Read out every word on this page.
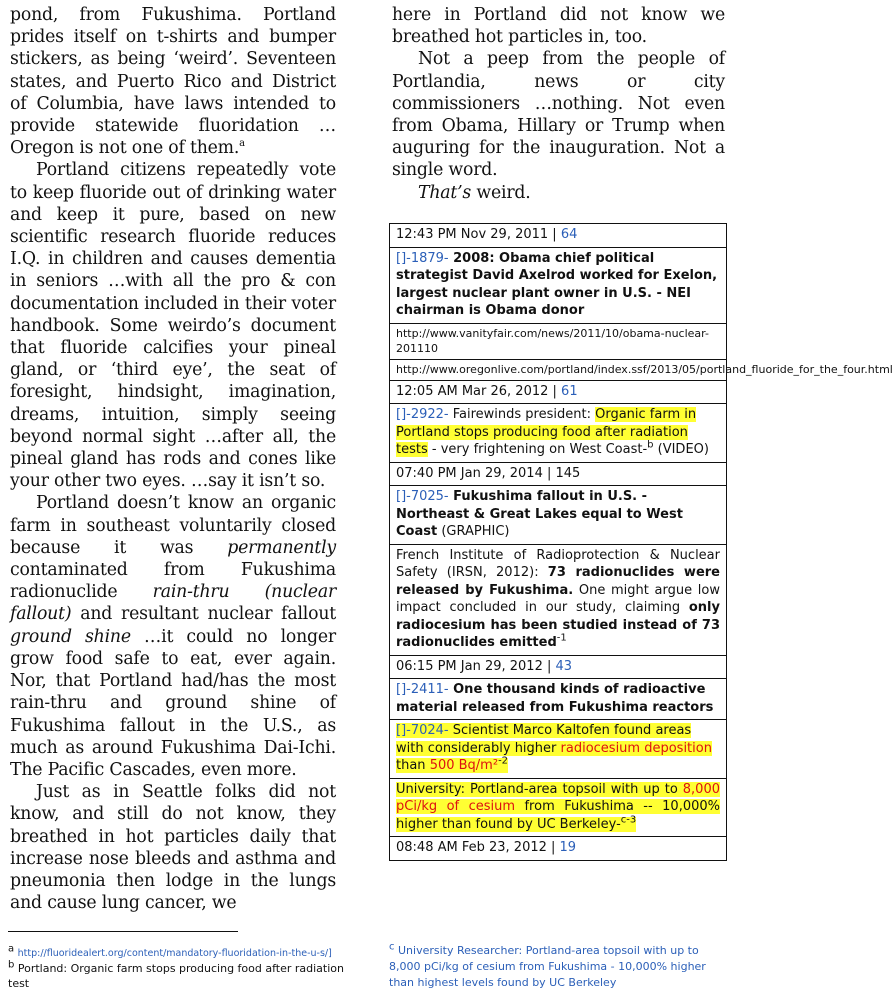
pond, from Fukushima. Portland prides itself on t-shirts and bumper stickers, as being ‘weird’. Seventeen states, and Puerto Rico and District of Columbia, have laws intended to provide statewide fluoridation … Oregon is not one of them.$^a$

Portland citizens repeatedly vote to keep fluoride out of drinking water and keep it pure, based on new scientific research fluoride reduces I.Q. in children and causes dementia in seniors …with all the pro & con documentation included in their voter handbook. Some weirdo’s document that fluoride calcifies your pineal gland, or ‘third eye’, the seat of foresight, hindsight, imagination, dreams, intuition, simply seeing beyond normal sight …after all, the pineal gland has rods and cones like your other two eyes. …say it isn’t so.

Portland doesn’t know an organic farm in southeast voluntarily closed because it was permanently contaminated from Fukushima radionuclide rain-thru (nuclear fallout) and resultant nuclear fallout ground shine …it could no longer grow food safe to eat, ever again. Nor, that Portland had/has the most rain-thru and ground shine of Fukushima fallout in the U.S., as much as around Fukushima Dai-Ichi. The Pacific Cascades, even more.

Just as in Seattle folks did not know, and still do not know, they breathed in hot particles daily that increase nose bleeds and asthma and pneumonia then lodge in the lungs and cause lung cancer, we

here in Portland did not know we breathed hot particles in, too.

Not a peep from the people of Portlandia, news or city commissioners …nothing. Not even from Obama, Hillary or Trump when auguring for the inauguration. Not a single word.

That’s weird.

12:43 PM Nov 29, 2011 | 64
[]-1879- 2008: Obama chief political strategist David Axelrod worked for Exelon, largest nuclear plant owner in U.S. - NEI chairman is Obama donor
http://www.vanityfair.com/news/2011/10/obama-nuclear-201110
http://www.oregonlive.com/portland/index.ssf/2013/05/portland_fluoride_for_the_four.html
12:05 AM Mar 26, 2012 | 61
[]-2922- Fairewinds president: Organic farm in Portland stops producing food after radiation tests - very frightening on West Coast-$^b$ (VIDEO)
07:40 PM Jan 29, 2014 | 145
[]-7025- Fukushima fallout in U.S. - Northeast & Great Lakes equal to West Coast (GRAPHIC)
French Institute of Radioprotection & Nuclear Safety (IRSN, 2012): 73 radionuclides were released by Fukushima. One might argue low impact concluded in our study, claiming only radiocesium has been studied instead of 73 radionuclides emitted$^{-1}$
06:15 PM Jan 29, 2012 | 43
[]-2411- One thousand kinds of radioactive material released from Fukushima reactors
[]-7024- Scientist Marco Kaltofen found areas with considerably higher radiocesium deposition than 500 Bq/m²$^{-2}$
University: Portland-area topsoil with up to 8,000 pCi/kg of cesium from Fukushima -- 10,000% higher than found by UC Berkeley-$^{c-3}$
08:48 AM Feb 23, 2012 | 19
$^a$ http://fluoridealert.org/content/mandatory-fluoridation-in-the-u-s/]
$^b$ Portland: Organic farm stops producing food after radiation test
$^c$ University Researcher: Portland-area topsoil with up to 8,000 pCi/kg of cesium from Fukushima - 10,000% higher than highest levels found by UC Berkeley
